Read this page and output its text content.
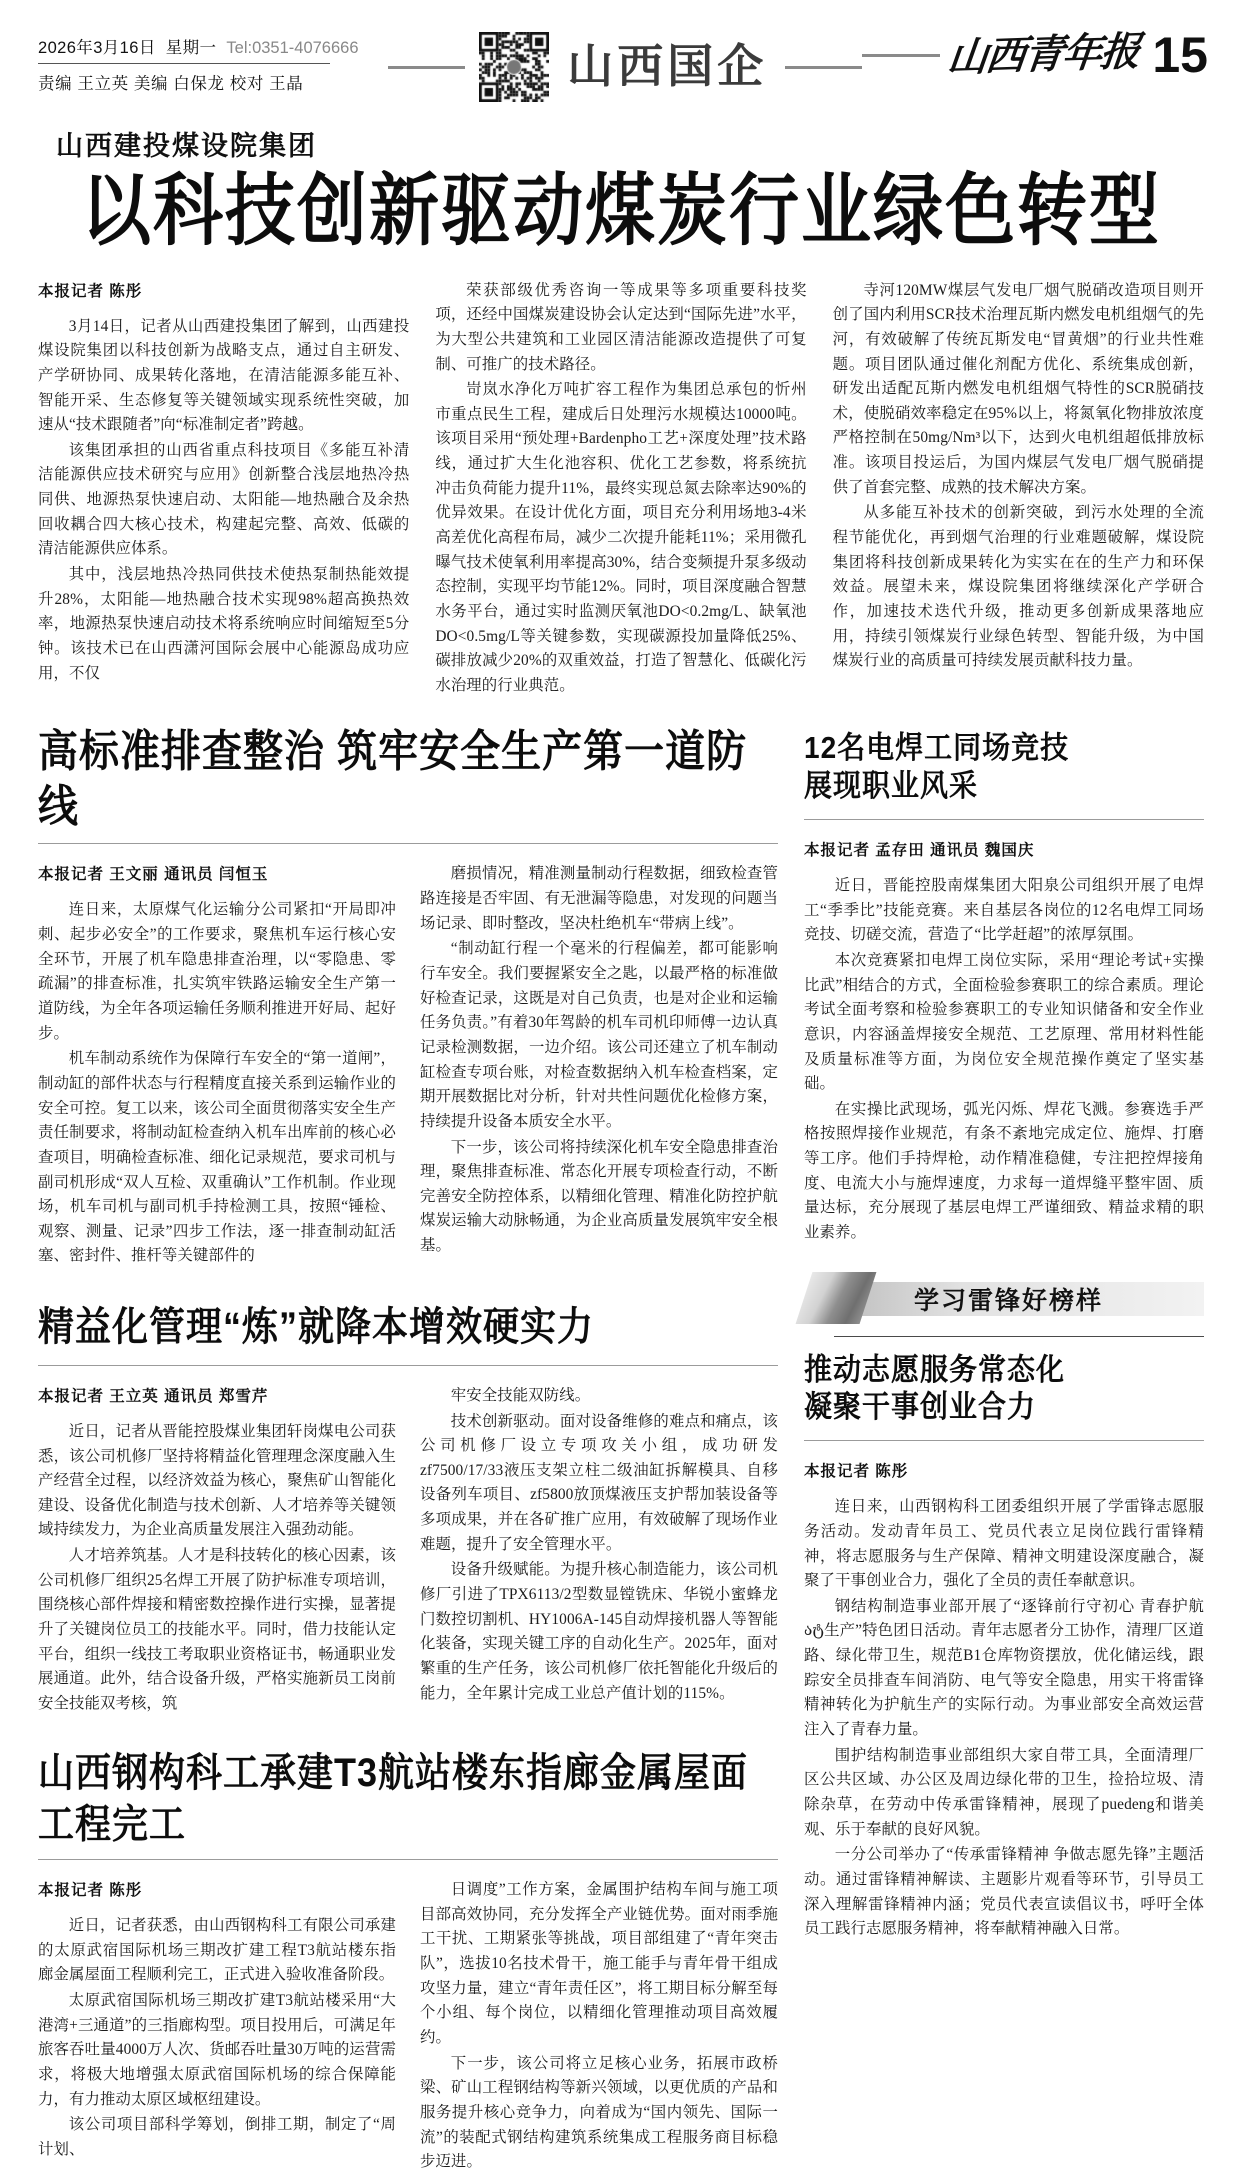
2026年3月16日 星期一 Tel:0351-4076666
责编 王立英 美编 白保龙 校对 王晶	山西国企	山西青年报 15
山西建投煤设院集团
以科技创新驱动煤炭行业绿色转型
本报记者 陈彤

3月14日，记者从山西建投集团了解到，山西建投煤设院集团以科技创新为战略支点，通过自主研发、产学研协同、成果转化落地，在清洁能源多能互补、智能开采、生态修复等关键领域实现系统性突破，加速从“技术跟随者”向“标准制定者”跨越。

该集团承担的山西省重点科技项目《多能互补清洁能源供应技术研究与应用》创新整合浅层地热冷热同供、地源热泵快速启动、太阳能—地热融合及余热回收耦合四大核心技术，构建起完整、高效、低碳的清洁能源供应体系。

其中，浅层地热冷热同供技术使热泵制热能效提升28%，太阳能—地热融合技术实现98%超高换热效率，地源热泵快速启动技术将系统响应时间缩短至5分钟。该技术已在山西潇河国际会展中心能源岛成功应用，不仅

荣获部级优秀咨询一等成果等多项重要科技奖项，还经中国煤炭建设协会认定达到“国际先进”水平，为大型公共建筑和工业园区清洁能源改造提供了可复制、可推广的技术路径。

岢岚水净化万吨扩容工程作为集团总承包的忻州市重点民生工程，建成后日处理污水规模达10000吨。该项目采用“预处理+Bardenpho工艺+深度处理”技术路线，通过扩大生化池容积、优化工艺参数，将系统抗冲击负荷能力提升11%，最终实现总氮去除率达90%的优异效果。在设计优化方面，项目充分利用场地3-4米高差优化高程布局，减少二次提升能耗11%；采用微孔曝气技术使氧利用率提高30%，结合变频提升泵多级动态控制，实现平均节能12%。同时，项目深度融合智慧水务平台，通过实时监测厌氧池DO<0.2mg/L、缺氧池DO<0.5mg/L等关键参数，实现碳源投加量降低25%、碳排放减少20%的双重效益，打造了智慧化、低碳化污水治理的行业典范。

寺河120MW煤层气发电厂烟气脱硝改造项目则开创了国内利用SCR技术治理瓦斯内燃发电机组烟气的先河，有效破解了传统瓦斯发电“冒黄烟”的行业共性难题。项目团队通过催化剂配方优化、系统集成创新，研发出适配瓦斯内燃发电机组烟气特性的SCR脱硝技术，使脱硝效率稳定在95%以上，将氮氧化物排放浓度严格控制在50mg/Nm³以下，达到火电机组超低排放标准。该项目投运后，为国内煤层气发电厂烟气脱硝提供了首套完整、成熟的技术解决方案。

从多能互补技术的创新突破，到污水处理的全流程节能优化，再到烟气治理的行业难题破解，煤设院集团将科技创新成果转化为实实在在的生产力和环保效益。展望未来，煤设院集团将继续深化产学研合作，加速技术迭代升级，推动更多创新成果落地应用，持续引领煤炭行业绿色转型、智能升级，为中国煤炭行业的高质量可持续发展贡献科技力量。

高标准排查整治 筑牢安全生产第一道防线
本报记者 王文丽 通讯员 闫恒玉

连日来，太原煤气化运输分公司紧扣“开局即冲刺、起步必安全”的工作要求，聚焦机车运行核心安全环节，开展了机车隐患排查治理，以“零隐患、零疏漏”的排查标准，扎实筑牢铁路运输安全生产第一道防线，为全年各项运输任务顺利推进开好局、起好步。

机车制动系统作为保障行车安全的“第一道闸”，制动缸的部件状态与行程精度直接关系到运输作业的安全可控。复工以来，该公司全面贯彻落实安全生产责任制要求，将制动缸检查纳入机车出库前的核心必查项目，明确检查标准、细化记录规范，要求司机与副司机形成“双人互检、双重确认”工作机制。作业现场，机车司机与副司机手持检测工具，按照“锤检、观察、测量、记录”四步工作法，逐一排查制动缸活塞、密封件、推杆等关键部件的

磨损情况，精准测量制动行程数据，细致检查管路连接是否牢固、有无泄漏等隐患，对发现的问题当场记录、即时整改，坚决杜绝机车“带病上线”。

“制动缸行程一个毫米的行程偏差，都可能影响行车安全。我们要握紧安全之匙，以最严格的标准做好检查记录，这既是对自己负责，也是对企业和运输任务负责。”有着30年驾龄的机车司机印师傅一边认真记录检测数据，一边介绍。该公司还建立了机车制动缸检查专项台账，对检查数据纳入机车检查档案，定期开展数据比对分析，针对共性问题优化检修方案，持续提升设备本质安全水平。

下一步，该公司将持续深化机车安全隐患排查治理，聚焦排查标准、常态化开展专项检查行动，不断完善安全防控体系，以精细化管理、精准化防控护航煤炭运输大动脉畅通，为企业高质量发展筑牢安全根基。

精益化管理“炼”就降本增效硬实力
本报记者 王立英 通讯员 郑雪芹

近日，记者从晋能控股煤业集团轩岗煤电公司获悉，该公司机修厂坚持将精益化管理理念深度融入生产经营全过程，以经济效益为核心，聚焦矿山智能化建设、设备优化制造与技术创新、人才培养等关键领域持续发力，为企业高质量发展注入强劲动能。

人才培养筑基。人才是科技转化的核心因素，该公司机修厂组织25名焊工开展了防护标准专项培训，围绕核心部件焊接和精密数控操作进行实操，显著提升了关键岗位员工的技能水平。同时，借力技能认定平台，组织一线技工考取职业资格证书，畅通职业发展通道。此外，结合设备升级，严格实施新员工岗前安全技能双考核，筑

牢安全技能双防线。

技术创新驱动。面对设备维修的难点和痛点，该公司机修厂设立专项攻关小组，成功研发zf7500/17/33液压支架立柱二级油缸拆解模具、自移设备列车项目、zf5800放顶煤液压支护帮加装设备等多项成果，并在各矿推广应用，有效破解了现场作业难题，提升了安全管理水平。

设备升级赋能。为提升核心制造能力，该公司机修厂引进了TPX6113/2型数显镗铣床、华锐小蜜蜂龙门数控切割机、HY1006A-145自动焊接机器人等智能化装备，实现关键工序的自动化生产。2025年，面对繁重的生产任务，该公司机修厂依托智能化升级后的能力，全年累计完成工业总产值计划的115%。

山西钢构科工承建T3航站楼东指廊金属屋面工程完工
本报记者 陈彤

近日，记者获悉，由山西钢构科工有限公司承建的太原武宿国际机场三期改扩建工程T3航站楼东指廊金属屋面工程顺利完工，正式进入验收准备阶段。

太原武宿国际机场三期改扩建T3航站楼采用“大港湾+三通道”的三指廊构型。项目投用后，可满足年旅客吞吐量4000万人次、货邮吞吐量30万吨的运营需求，将极大地增强太原武宿国际机场的综合保障能力，有力推动太原区域枢纽建设。

该公司项目部科学筹划，倒排工期，制定了“周计划、

日调度”工作方案，金属围护结构车间与施工项目部高效协同，充分发挥全产业链优势。面对雨季施工干扰、工期紧张等挑战，项目部组建了“青年突击队”，选拔10名技术骨干，施工能手与青年骨干组成攻坚力量，建立“青年责任区”，将工期目标分解至每个小组、每个岗位，以精细化管理推动项目高效履约。

下一步，该公司将立足核心业务，拓展市政桥梁、矿山工程钢结构等新兴领域，以更优质的产品和服务提升核心竞争力，向着成为“国内领先、国际一流”的装配式钢结构建筑系统集成工程服务商目标稳步迈进。

12名电焊工同场竞技
展现职业风采
本报记者 孟存田 通讯员 魏国庆

近日，晋能控股南煤集团大阳泉公司组织开展了电焊工“季季比”技能竞赛。来自基层各岗位的12名电焊工同场竞技、切磋交流，营造了“比学赶超”的浓厚氛围。

本次竞赛紧扣电焊工岗位实际，采用“理论考试+实操比武”相结合的方式，全面检验参赛职工的综合素质。理论考试全面考察和检验参赛职工的专业知识储备和安全作业意识，内容涵盖焊接安全规范、工艺原理、常用材料性能及质量标准等方面，为岗位安全规范操作奠定了坚实基础。

在实操比武现场，弧光闪烁、焊花飞溅。参赛选手严格按照焊接作业规范，有条不紊地完成定位、施焊、打磨等工序。他们手持焊枪，动作精准稳健，专注把控焊接角度、电流大小与施焊速度，力求每一道焊缝平整牢固、质量达标，充分展现了基层电焊工严谨细致、精益求精的职业素养。

学习雷锋好榜样
推动志愿服务常态化
凝聚干事创业合力
本报记者 陈彤

连日来，山西钢构科工团委组织开展了学雷锋志愿服务活动。发动青年员工、党员代表立足岗位践行雷锋精神，将志愿服务与生产保障、精神文明建设深度融合，凝聚了干事创业合力，强化了全员的责任奉献意识。

钢结构制造事业部开展了“逐锋前行守初心 青春护航ატ生产”特色团日活动。青年志愿者分工协作，清理厂区道路、绿化带卫生，规范B1仓库物资摆放，优化储运线，跟踪安全员排查车间消防、电气等安全隐患，用实干将雷锋精神转化为护航生产的实际行动。为事业部安全高效运营注入了青春力量。

围护结构制造事业部组织大家自带工具，全面清理厂区公共区域、办公区及周边绿化带的卫生，捡拾垃圾、清除杂草，在劳动中传承雷锋精神，展现了puedeng和谐美观、乐于奉献的良好风貌。

一分公司举办了“传承雷锋精神 争做志愿先锋”主题活动。通过雷锋精神解读、主题影片观看等环节，引导员工深入理解雷锋精神内涵；党员代表宣读倡议书，呼吁全体员工践行志愿服务精神，将奉献精神融入日常。
